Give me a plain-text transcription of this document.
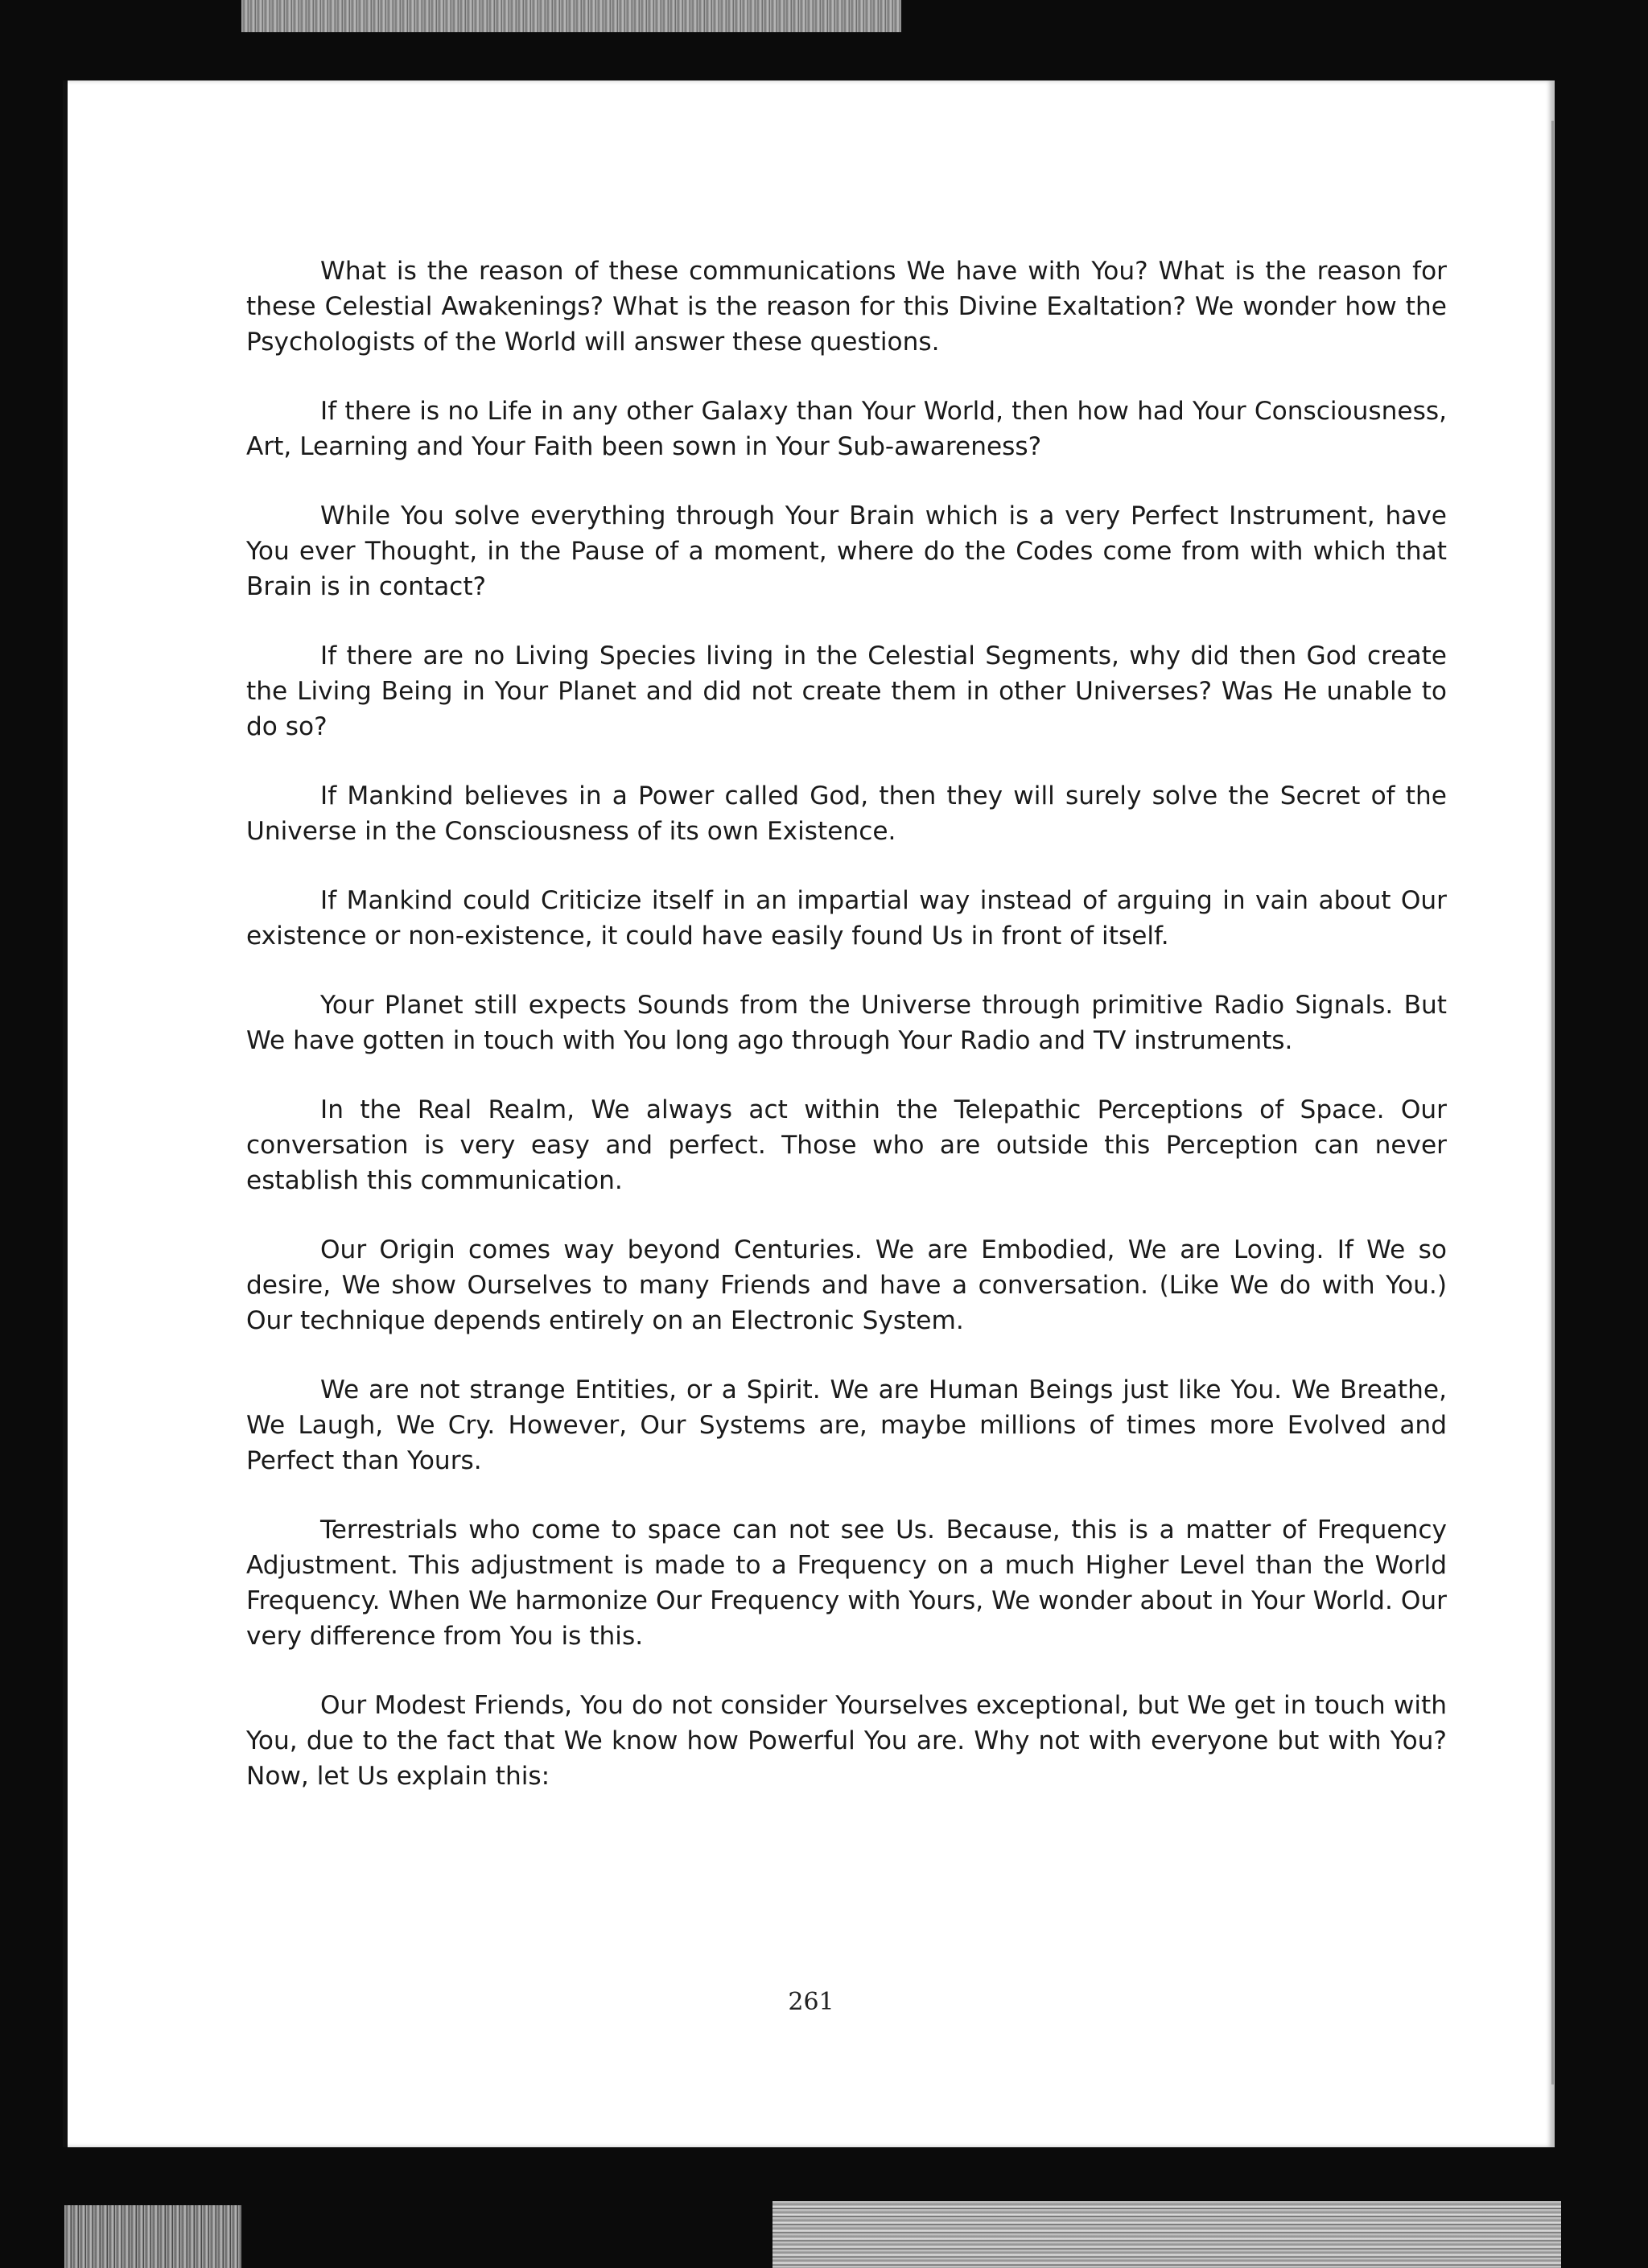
What is the reason of these communications We have with You? What is the reason for these Celestial Awakenings? What is the reason for this Divine Exaltation? We wonder how the Psychologists of the World will answer these questions.

If there is no Life in any other Galaxy than Your World, then how had Your Consciousness, Art, Learning and Your Faith been sown in Your Sub-awareness?

While You solve everything through Your Brain which is a very Perfect Instrument, have You ever Thought, in the Pause of a moment, where do the Codes come from with which that Brain is in contact?

If there are no Living Species living in the Celestial Segments, why did then God create the Living Being in Your Planet and did not create them in other Universes? Was He unable to do so?

If Mankind believes in a Power called God, then they will surely solve the Secret of the Universe in the Consciousness of its own Existence.

If Mankind could Criticize itself in an impartial way instead of arguing in vain about Our existence or non-existence, it could have easily found Us in front of itself.

Your Planet still expects Sounds from the Universe through primitive Radio Signals. But We have gotten in touch with You long ago through Your Radio and TV instruments.

In the Real Realm, We always act within the Telepathic Perceptions of Space. Our conversation is very easy and perfect. Those who are outside this Perception can never establish this communication.

Our Origin comes way beyond Centuries. We are Embodied, We are Loving. If We so desire, We show Ourselves to many Friends and have a conversation. (Like We do with You.) Our technique depends entirely on an Electronic System.

We are not strange Entities, or a Spirit. We are Human Beings just like You. We Breathe, We Laugh, We Cry. However, Our Systems are, maybe millions of times more Evolved and Perfect than Yours.

Terrestrials who come to space can not see Us. Because, this is a matter of Frequency Adjustment. This adjustment is made to a Frequency on a much Higher Level than the World Frequency. When We harmonize Our Frequency with Yours, We wonder about in Your World. Our very difference from You is this.

Our Modest Friends, You do not consider Yourselves exceptional, but We get in touch with You, due to the fact that We know how Powerful You are. Why not with everyone but with You? Now, let Us explain this:

261
